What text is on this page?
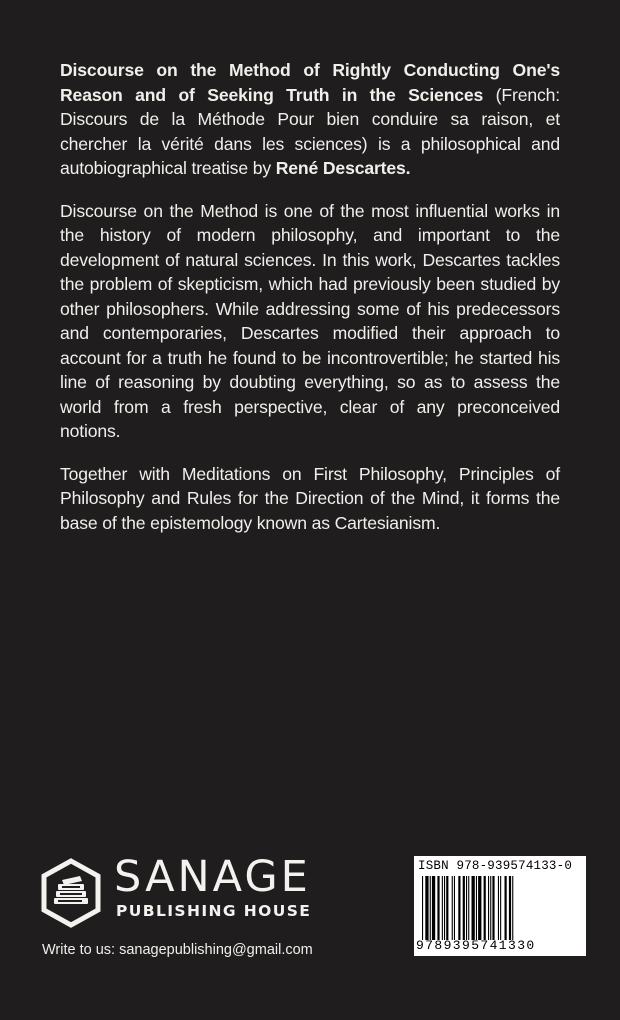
Discourse on the Method of Rightly Conducting One's Reason and of Seeking Truth in the Sciences (French: Discours de la Méthode Pour bien conduire sa raison, et chercher la vérité dans les sciences) is a philosophical and autobiographical treatise by René Descartes.

Discourse on the Method is one of the most influential works in the history of modern philosophy, and important to the development of natural sciences. In this work, Descartes tackles the problem of skepticism, which had previously been studied by other philosophers. While addressing some of his predecessors and contemporaries, Descartes modified their approach to account for a truth he found to be incontrovertible; he started his line of reasoning by doubting everything, so as to assess the world from a fresh perspective, clear of any preconceived notions.

Together with Meditations on First Philosophy, Principles of Philosophy and Rules for the Direction of the Mind, it forms the base of the epistemology known as Cartesianism.

SANAGE
PUBLISHING HOUSE
Write to us: sanagepublishing@gmail.com
ISBN 978-939574133-0
9789395741330
